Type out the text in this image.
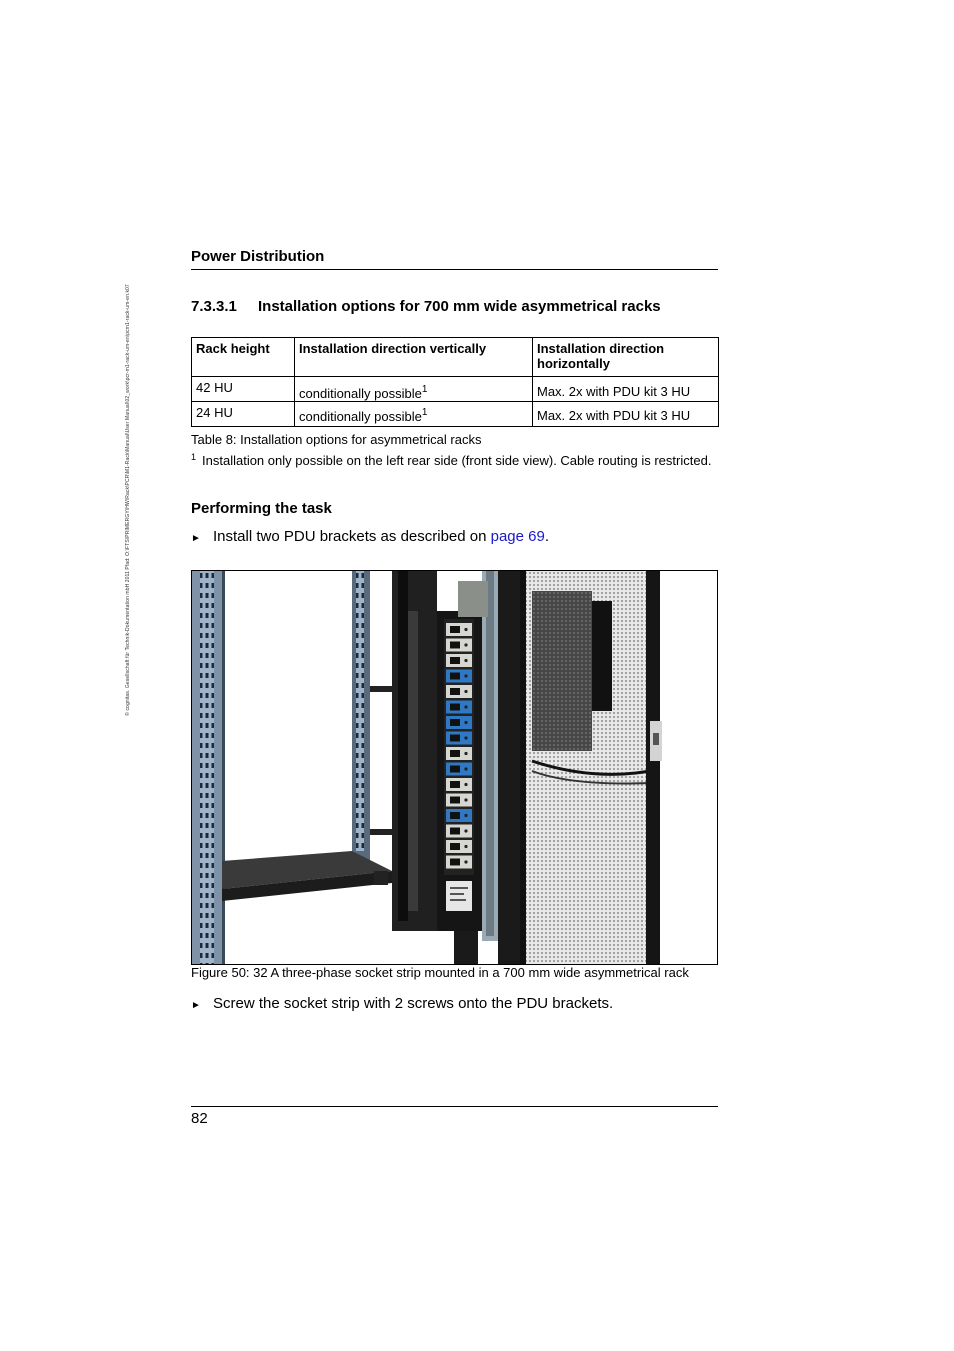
© cognitas. Gesellschaft für Technik-Dokumentation mbH 2011 Pfad: O:\FTS\PRIMERGY\HW\Rack\PCR\M1-Rack\Manual\User Manual\02_work\pcr-m1-rack-um-en\pcm1-rack-um-en.k07
Power Distribution
7.3.3.1	Installation options for 700 mm wide asymmetrical racks
Rack height	Installation direction vertically	Installation direction horizontally
42 HU	conditionally possible1	Max. 2x with PDU kit 3 HU
24 HU	conditionally possible$^1$	Max. 2x with PDU kit 3 HU
Table 8: Installation options for asymmetrical racks
$^1$ Installation only possible on the left rear side (front side view). Cable routing is restricted.
Performing the task
► Install two PDU brackets as described on page 69.
Figure 50: 32 A three-phase socket strip mounted in a 700 mm wide asymmetrical rack
► Screw the socket strip with 2 screws onto the PDU brackets.
82
